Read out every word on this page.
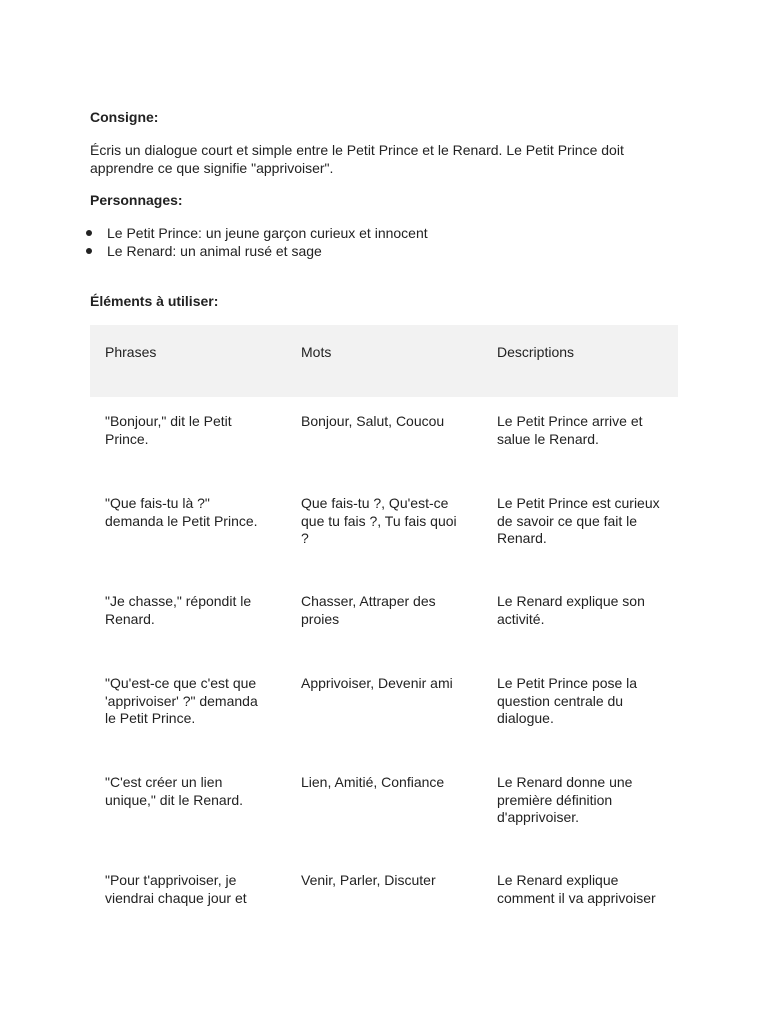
Consigne:
Écris un dialogue court et simple entre le Petit Prince et le Renard. Le Petit Prince doit apprendre ce que signifie "apprivoiser".
Personnages:
Le Petit Prince: un jeune garçon curieux et innocent
Le Renard: un animal rusé et sage
Éléments à utiliser:
Phrases	Mots	Descriptions
"Bonjour," dit le Petit Prince.	Bonjour, Salut, Coucou	Le Petit Prince arrive et salue le Renard.
"Que fais-tu là ?" demanda le Petit Prince.	Que fais-tu ?, Qu'est-ce que tu fais ?, Tu fais quoi ?	Le Petit Prince est curieux de savoir ce que fait le Renard.
"Je chasse," répondit le Renard.	Chasser, Attraper des proies	Le Renard explique son activité.
"Qu'est-ce que c'est que 'apprivoiser' ?" demanda le Petit Prince.	Apprivoiser, Devenir ami	Le Petit Prince pose la question centrale du dialogue.
"C'est créer un lien unique," dit le Renard.	Lien, Amitié, Confiance	Le Renard donne une première définition d'apprivoiser.
"Pour t'apprivoiser, je viendrai chaque jour et	Venir, Parler, Discuter	Le Renard explique comment il va apprivoiser
